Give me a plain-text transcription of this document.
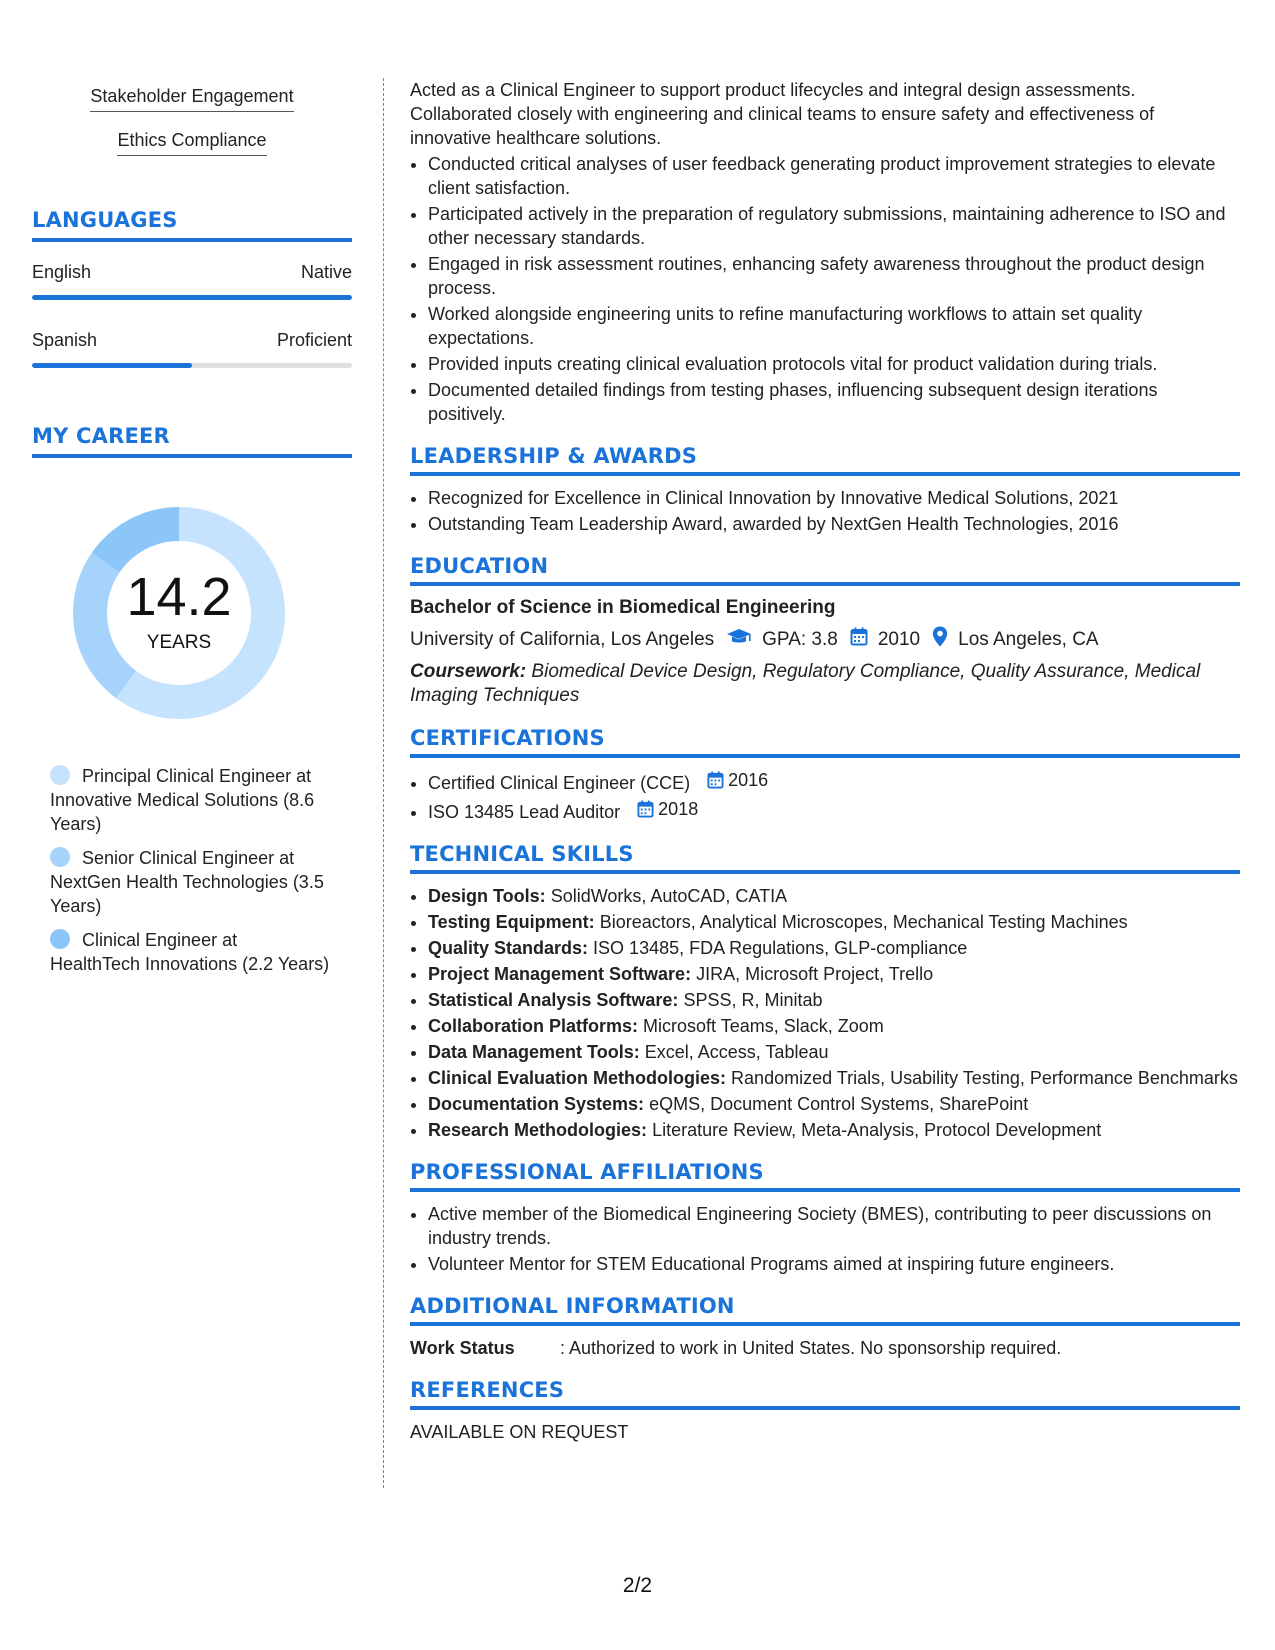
Stakeholder Engagement
Ethics Compliance
LANGUAGES
English	Native
Spanish	Proficient
MY CAREER
14.2
YEARS
Principal Clinical Engineer at Innovative Medical Solutions (8.6 Years)
Senior Clinical Engineer at NextGen Health Technologies (3.5 Years)
Clinical Engineer at HealthTech Innovations (2.2 Years)

Acted as a Clinical Engineer to support product lifecycles and integral design assessments. Collaborated closely with engineering and clinical teams to ensure safety and effectiveness of innovative healthcare solutions.

• Conducted critical analyses of user feedback generating product improvement strategies to elevate client satisfaction.
• Participated actively in the preparation of regulatory submissions, maintaining adherence to ISO and other necessary standards.
• Engaged in risk assessment routines, enhancing safety awareness throughout the product design process.
• Worked alongside engineering units to refine manufacturing workflows to attain set quality expectations.
• Provided inputs creating clinical evaluation protocols vital for product validation during trials.
• Documented detailed findings from testing phases, influencing subsequent design iterations positively.
LEADERSHIP & AWARDS
• Recognized for Excellence in Clinical Innovation by Innovative Medical Solutions, 2021
• Outstanding Team Leadership Award, awarded by NextGen Health Technologies, 2016
EDUCATION
Bachelor of Science in Biomedical Engineering
University of California, Los Angeles	GPA: 3.8 2010 Los Angeles, CA
Coursework: Biomedical Device Design, Regulatory Compliance, Quality Assurance, Medical Imaging Techniques
CERTIFICATIONS
• Certified Clinical Engineer (CCE) 2016
• ISO 13485 Lead Auditor 2018
TECHNICAL SKILLS
• Design Tools: SolidWorks, AutoCAD, CATIA
• Testing Equipment: Bioreactors, Analytical Microscopes, Mechanical Testing Machines
• Quality Standards: ISO 13485, FDA Regulations, GLP-compliance
• Project Management Software: JIRA, Microsoft Project, Trello
• Statistical Analysis Software: SPSS, R, Minitab
• Collaboration Platforms: Microsoft Teams, Slack, Zoom
• Data Management Tools: Excel, Access, Tableau
• Clinical Evaluation Methodologies: Randomized Trials, Usability Testing, Performance Benchmarks
• Documentation Systems: eQMS, Document Control Systems, SharePoint
• Research Methodologies: Literature Review, Meta-Analysis, Protocol Development
PROFESSIONAL AFFILIATIONS
• Active member of the Biomedical Engineering Society (BMES), contributing to peer discussions on industry trends.
• Volunteer Mentor for STEM Educational Programs aimed at inspiring future engineers.
ADDITIONAL INFORMATION
Work Status	: Authorized to work in United States. No sponsorship required.
REFERENCES
AVAILABLE ON REQUEST
2/2
